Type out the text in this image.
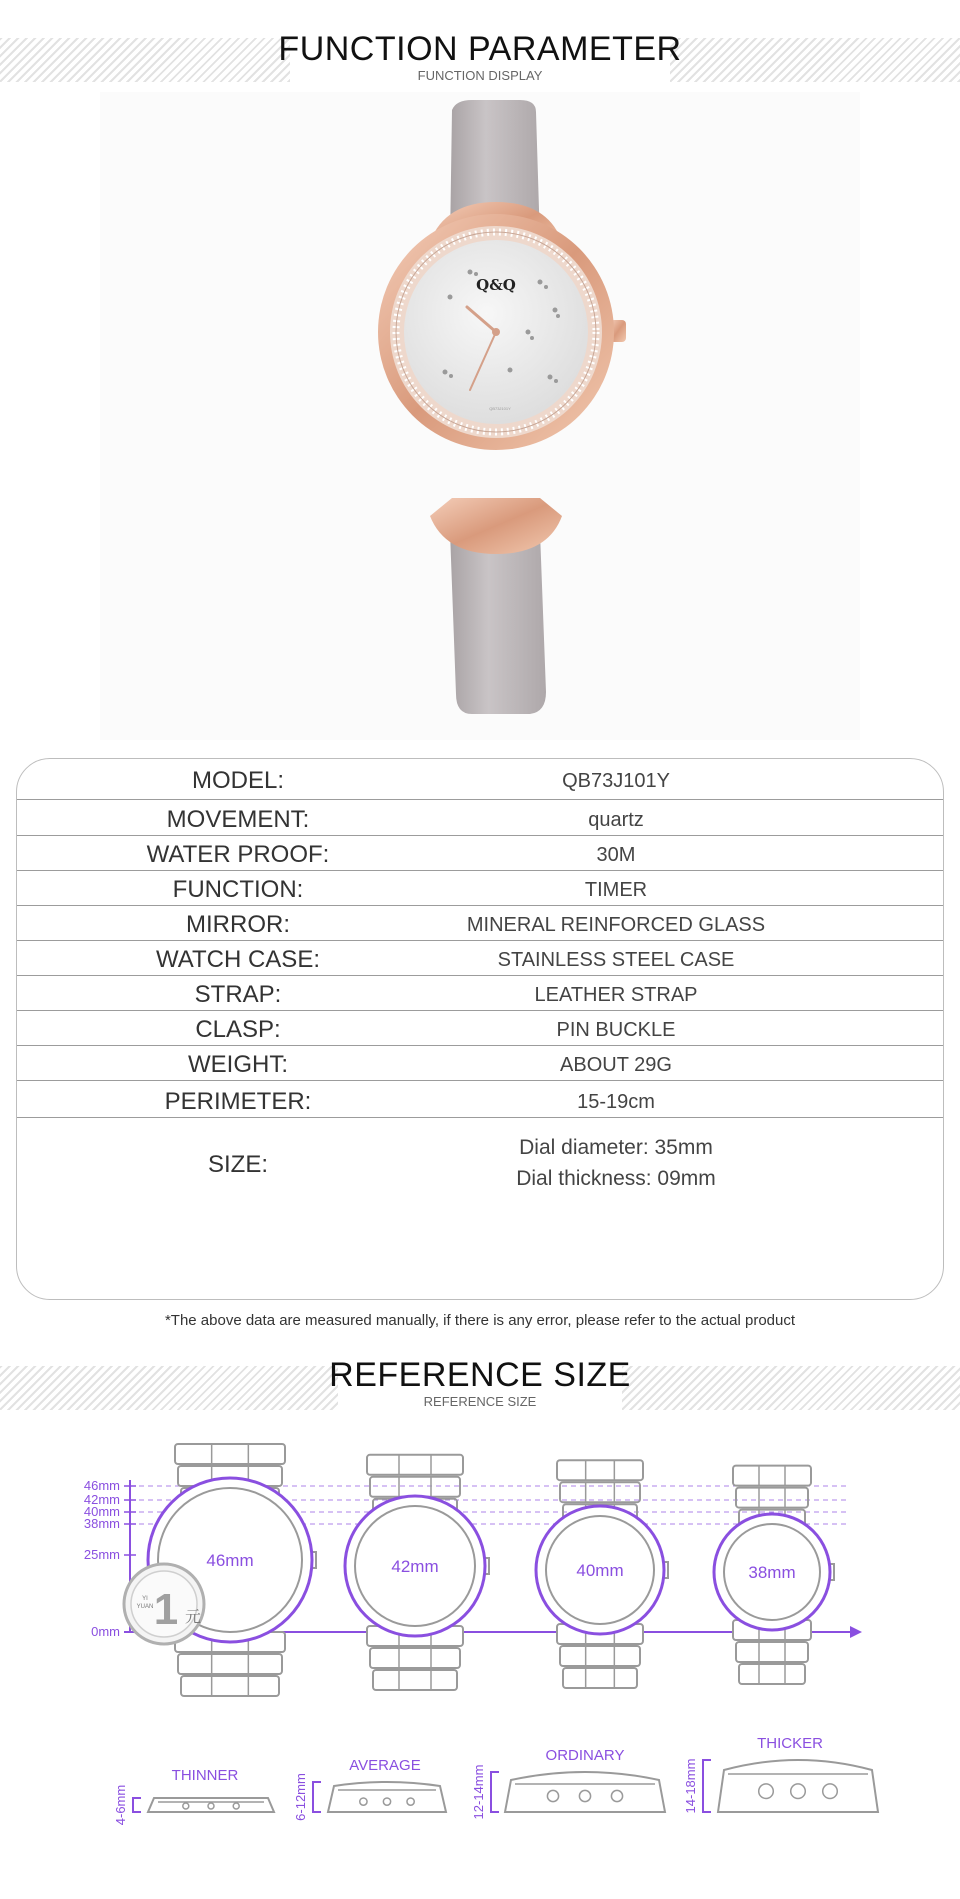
FUNCTION PARAMETER
FUNCTION DISPLAY
Q&Q
QB73J101Y
MODEL:	QB73J101Y
MOVEMENT:	quartz
WATER PROOF:	30M
FUNCTION:	TIMER
MIRROR:	MINERAL REINFORCED GLASS
WATCH CASE:	STAINLESS STEEL CASE
STRAP:	LEATHER STRAP
CLASP:	PIN BUCKLE
WEIGHT:	ABOUT 29G
PERIMETER:	15-19cm
SIZE:
Dial diameter: 35mm
Dial thickness: 09mm
*The above data are measured manually, if there is any error, please refer to the actual product
REFERENCE SIZE
REFERENCE SIZE
46mm
42mm
40mm
38mm
25mm
0mm
46mm	42mm	40mm	38mm
YI
YUAN 1 元
THINNER
4-6mm
AVERAGE
6-12mm
ORDINARY
12-14mm
THICKER
14-18mm
